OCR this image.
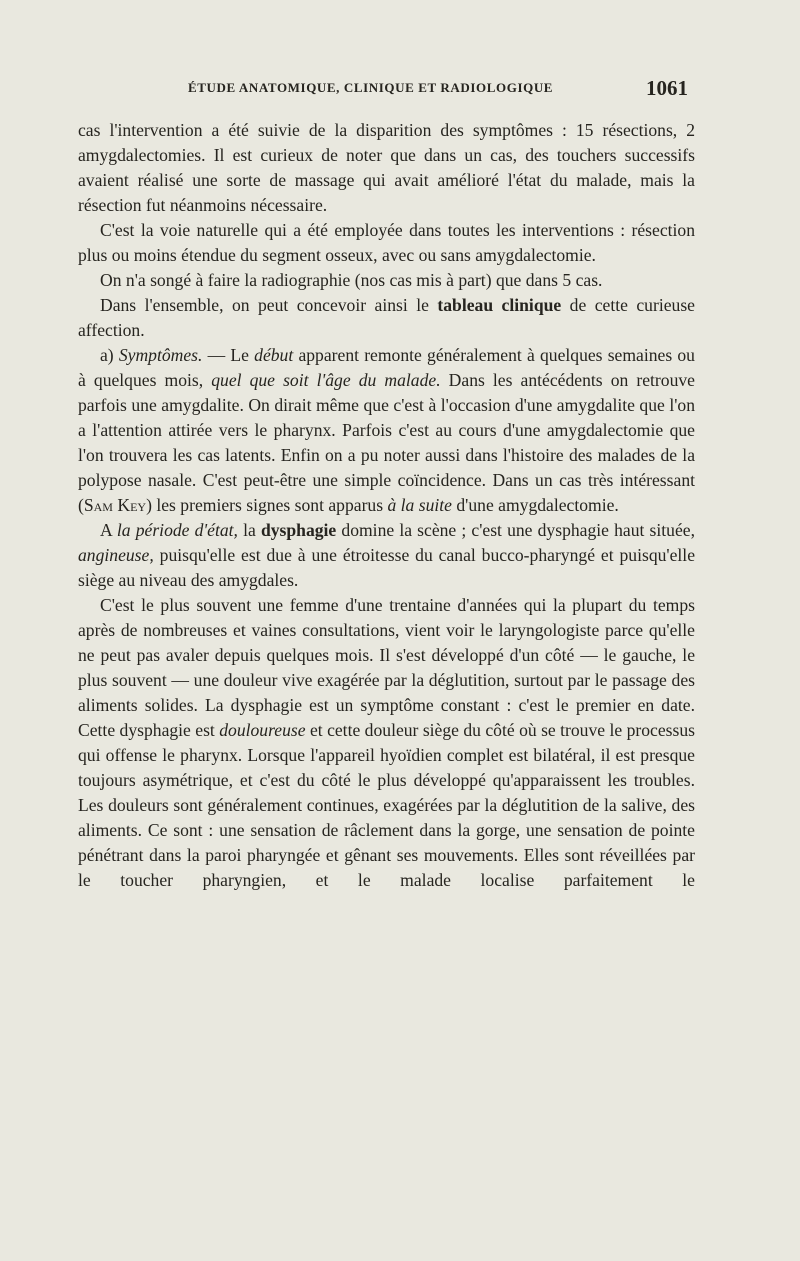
ÉTUDE ANATOMIQUE, CLINIQUE ET RADIOLOGIQUE	1061

cas l'intervention a été suivie de la disparition des symptômes : 15 résections, 2 amygdalectomies. Il est curieux de noter que dans un cas, des touchers successifs avaient réalisé une sorte de massage qui avait amélioré l'état du malade, mais la résection fut néanmoins nécessaire.

C'est la voie naturelle qui a été employée dans toutes les interventions : résection plus ou moins étendue du segment osseux, avec ou sans amygdalectomie.

On n'a songé à faire la radiographie (nos cas mis à part) que dans 5 cas.

Dans l'ensemble, on peut concevoir ainsi le tableau clinique de cette curieuse affection.

a) Symptômes. — Le début apparent remonte généralement à quelques semaines ou à quelques mois, quel que soit l'âge du malade. Dans les antécédents on retrouve parfois une amygdalite. On dirait même que c'est à l'occasion d'une amygdalite que l'on a l'attention attirée vers le pharynx. Parfois c'est au cours d'une amygdalectomie que l'on trouvera les cas latents. Enfin on a pu noter aussi dans l'histoire des malades de la polypose nasale. C'est peut-être une simple coïncidence. Dans un cas très intéressant (Sam Key) les premiers signes sont apparus à la suite d'une amygdalectomie.

A la période d'état, la dysphagie domine la scène ; c'est une dysphagie haut située, angineuse, puisqu'elle est due à une étroitesse du canal bucco-pharyngé et puisqu'elle siège au niveau des amygdales.

C'est le plus souvent une femme d'une trentaine d'années qui la plupart du temps après de nombreuses et vaines consultations, vient voir le laryngologiste parce qu'elle ne peut pas avaler depuis quelques mois. Il s'est développé d'un côté — le gauche, le plus souvent — une douleur vive exagérée par la déglutition, surtout par le passage des aliments solides. La dysphagie est un symptôme constant : c'est le premier en date. Cette dysphagie est douloureuse et cette douleur siège du côté où se trouve le processus qui offense le pharynx. Lorsque l'appareil hyoïdien complet est bilatéral, il est presque toujours asymétrique, et c'est du côté le plus développé qu'apparaissent les troubles. Les douleurs sont généralement continues, exagérées par la déglutition de la salive, des aliments. Ce sont : une sensation de râclement dans la gorge, une sensation de pointe pénétrant dans la paroi pharyngée et gênant ses mouvements. Elles sont réveillées par le toucher pharyngien, et le malade localise parfaitement le
